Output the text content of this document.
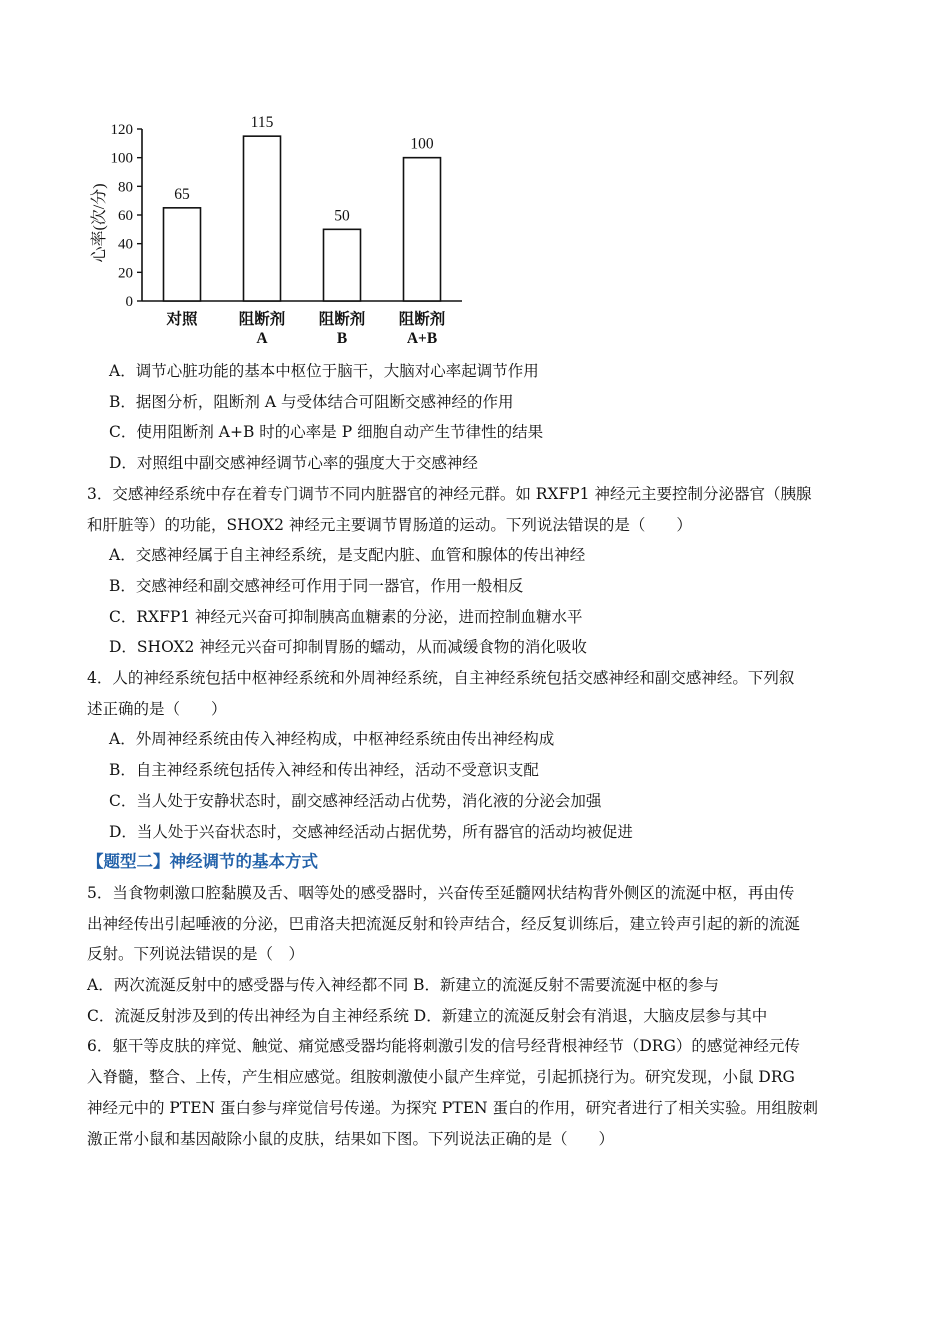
0
20
40
60
80
100
120
心率(次/分)	65
对照
115
阻断剂
A
50
阻断剂
B
100
阻断剂
A+B
A．调节心脏功能的基本中枢位于脑干，大脑对心率起调节作用
B．据图分析，阻断剂 A 与受体结合可阻断交感神经的作用
C．使用阻断剂 A+B 时的心率是 P 细胞自动产生节律性的结果
D．对照组中副交感神经调节心率的强度大于交感神经
3．交感神经系统中存在着专门调节不同内脏器官的神经元群。如 RXFP1 神经元主要控制分泌器官（胰腺
和肝脏等）的功能，SHOX2 神经元主要调节胃肠道的运动。下列说法错误的是（　　）
A．交感神经属于自主神经系统，是支配内脏、血管和腺体的传出神经
B．交感神经和副交感神经可作用于同一器官，作用一般相反
C．RXFP1 神经元兴奋可抑制胰高血糖素的分泌，进而控制血糖水平
D．SHOX2 神经元兴奋可抑制胃肠的蠕动，从而减缓食物的消化吸收
4．人的神经系统包括中枢神经系统和外周神经系统，自主神经系统包括交感神经和副交感神经。下列叙
述正确的是（　　）
A．外周神经系统由传入神经构成，中枢神经系统由传出神经构成
B．自主神经系统包括传入神经和传出神经，活动不受意识支配
C．当人处于安静状态时，副交感神经活动占优势，消化液的分泌会加强
D．当人处于兴奋状态时，交感神经活动占据优势，所有器官的活动均被促进
【题型二】神经调节的基本方式
5．当食物刺激口腔黏膜及舌、咽等处的感受器时，兴奋传至延髓网状结构背外侧区的流涎中枢，再由传
出神经传出引起唾液的分泌，巴甫洛夫把流涎反射和铃声结合，经反复训练后，建立铃声引起的新的流涎
反射。下列说法错误的是（　）
A．两次流涎反射中的感受器与传入神经都不同 B．新建立的流涎反射不需要流涎中枢的参与
C．流涎反射涉及到的传出神经为自主神经系统 D．新建立的流涎反射会有消退，大脑皮层参与其中
6．躯干等皮肤的痒觉、触觉、痛觉感受器均能将刺激引发的信号经背根神经节（DRG）的感觉神经元传
入脊髓，整合、上传，产生相应感觉。组胺刺激使小鼠产生痒觉，引起抓挠行为。研究发现，小鼠 DRG
神经元中的 PTEN 蛋白参与痒觉信号传递。为探究 PTEN 蛋白的作用，研究者进行了相关实验。用组胺刺
激正常小鼠和基因敲除小鼠的皮肤，结果如下图。下列说法正确的是（　　）
